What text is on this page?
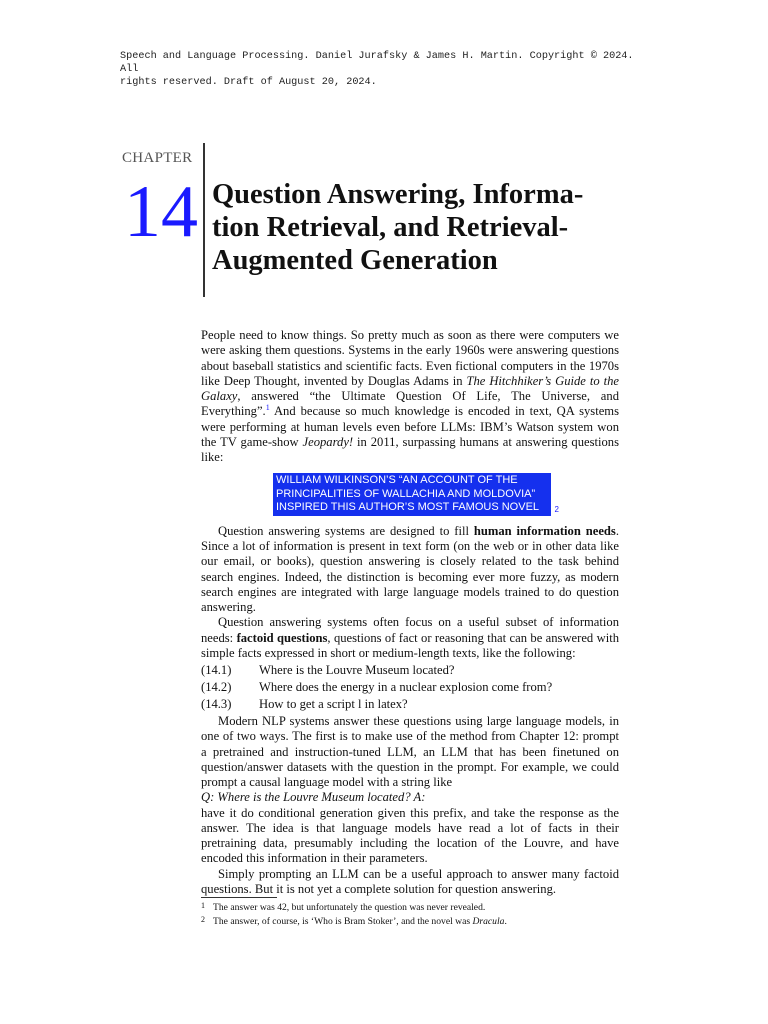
Speech and Language Processing. Daniel Jurafsky & James H. Martin. Copyright © 2024. All
rights reserved. Draft of August 20, 2024.
CHAPTER
14 Question Answering, Informa-
tion Retrieval, and Retrieval-
Augmented Generation

People need to know things. So pretty much as soon as there were computers we were asking them questions. Systems in the early 1960s were answering questions about baseball statistics and scientific facts. Even fictional computers in the 1970s like Deep Thought, invented by Douglas Adams in The Hitchhiker’s Guide to the Galaxy, answered “the Ultimate Question Of Life, The Universe, and Everything”.$^1$ And because so much knowledge is encoded in text, QA systems were performing at human levels even before LLMs: IBM’s Watson system won the TV game-show Jeopardy! in 2011, surpassing humans at answering questions like:

WILLIAM WILKINSON’S “AN ACCOUNT OF THE
PRINCIPALITIES OF WALLACHIA AND MOLDOVIA”
INSPIRED THIS AUTHOR’S MOST FAMOUS NOVEL	2

Question answering systems are designed to fill human information needs. Since a lot of information is present in text form (on the web or in other data like our email, or books), question answering is closely related to the task behind search engines. Indeed, the distinction is becoming ever more fuzzy, as modern search engines are integrated with large language models trained to do question answering.

Question answering systems often focus on a useful subset of information needs: factoid questions, questions of fact or reasoning that can be answered with simple facts expressed in short or medium-length texts, like the following:

(14.1)	Where is the Louvre Museum located?
(14.2)	Where does the energy in a nuclear explosion come from?
(14.3)	How to get a script l in latex?

Modern NLP systems answer these questions using large language models, in one of two ways. The first is to make use of the method from Chapter 12: prompt a pretrained and instruction-tuned LLM, an LLM that has been finetuned on question/answer datasets with the question in the prompt. For example, we could prompt a causal language model with a string like

Q: Where is the Louvre Museum located? A:

have it do conditional generation given this prefix, and take the response as the answer. The idea is that language models have read a lot of facts in their pretraining data, presumably including the location of the Louvre, and have encoded this information in their parameters.

Simply prompting an LLM can be a useful approach to answer many factoid questions. But it is not yet a complete solution for question answering.

1 The answer was 42, but unfortunately the question was never revealed.
2 The answer, of course, is ‘Who is Bram Stoker’, and the novel was Dracula.
